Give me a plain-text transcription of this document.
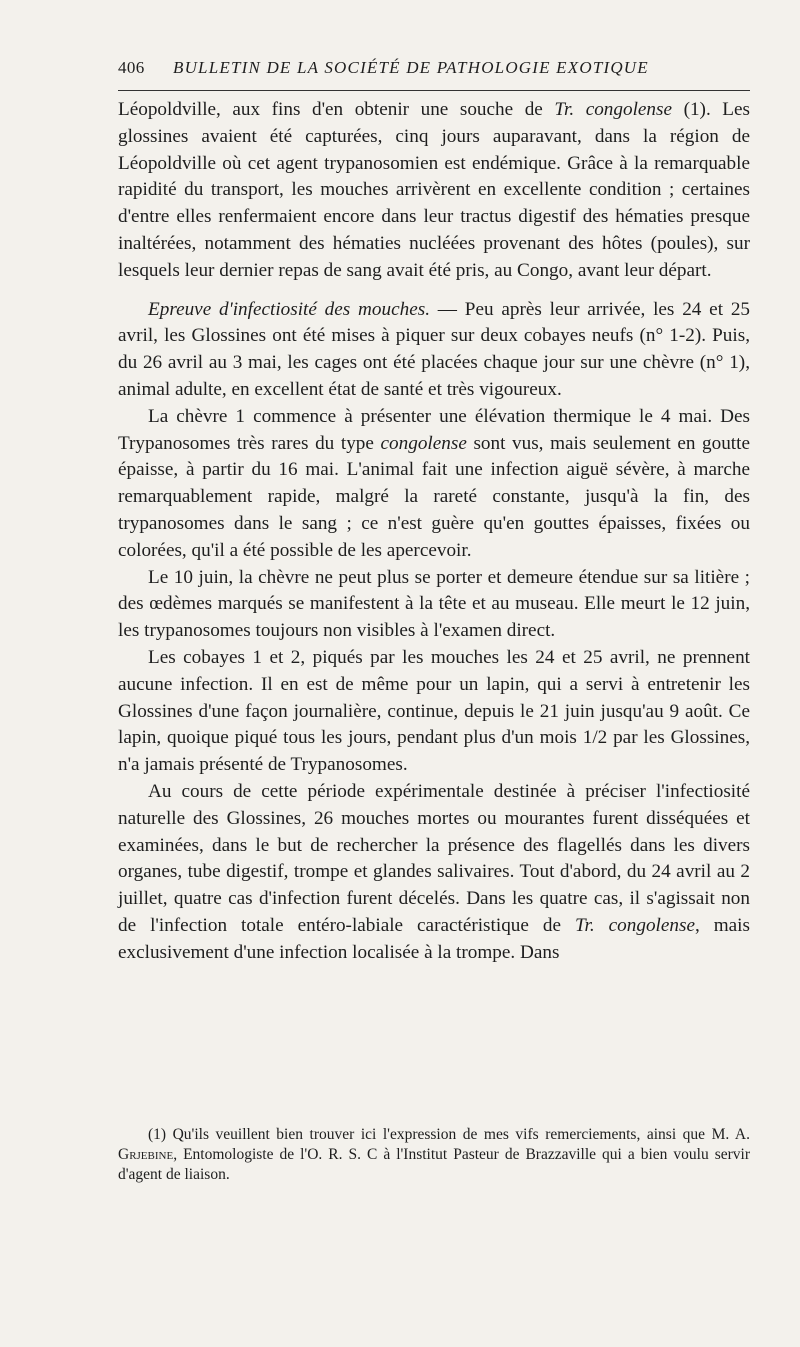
406 BULLETIN DE LA SOCIÉTÉ DE PATHOLOGIE EXOTIQUE

Léopoldville, aux fins d'en obtenir une souche de Tr. congolense (1). Les glossines avaient été capturées, cinq jours auparavant, dans la région de Léopoldville où cet agent trypanosomien est endémique. Grâce à la remarquable rapidité du transport, les mouches arrivèrent en excellente condition ; certaines d'entre elles renfermaient encore dans leur tractus digestif des hématies presque inaltérées, notamment des hématies nucléées provenant des hôtes (poules), sur lesquels leur dernier repas de sang avait été pris, au Congo, avant leur départ.

Epreuve d'infectiosité des mouches. — Peu après leur arrivée, les 24 et 25 avril, les Glossines ont été mises à piquer sur deux cobayes neufs (n° 1-2). Puis, du 26 avril au 3 mai, les cages ont été placées chaque jour sur une chèvre (n° 1), animal adulte, en excellent état de santé et très vigoureux.

La chèvre 1 commence à présenter une élévation thermique le 4 mai. Des Trypanosomes très rares du type congolense sont vus, mais seulement en goutte épaisse, à partir du 16 mai. L'animal fait une infection aiguë sévère, à marche remarquablement rapide, malgré la rareté constante, jusqu'à la fin, des trypanosomes dans le sang ; ce n'est guère qu'en gouttes épaisses, fixées ou colorées, qu'il a été possible de les apercevoir.

Le 10 juin, la chèvre ne peut plus se porter et demeure étendue sur sa litière ; des œdèmes marqués se manifestent à la tête et au museau. Elle meurt le 12 juin, les trypanosomes toujours non visibles à l'examen direct.

Les cobayes 1 et 2, piqués par les mouches les 24 et 25 avril, ne prennent aucune infection. Il en est de même pour un lapin, qui a servi à entretenir les Glossines d'une façon journalière, continue, depuis le 21 juin jusqu'au 9 août. Ce lapin, quoique piqué tous les jours, pendant plus d'un mois 1/2 par les Glossines, n'a jamais présenté de Trypanosomes.

Au cours de cette période expérimentale destinée à préciser l'infectiosité naturelle des Glossines, 26 mouches mortes ou mourantes furent disséquées et examinées, dans le but de rechercher la présence des flagellés dans les divers organes, tube digestif, trompe et glandes salivaires. Tout d'abord, du 24 avril au 2 juillet, quatre cas d'infection furent décelés. Dans les quatre cas, il s'agissait non de l'infection totale entéro-labiale caractéristique de Tr. congolense, mais exclusivement d'une infection localisée à la trompe. Dans

(1) Qu'ils veuillent bien trouver ici l'expression de mes vifs remerciements, ainsi que M. A. Grjebine, Entomologiste de l'O. R. S. C à l'Institut Pasteur de Brazzaville qui a bien voulu servir d'agent de liaison.
